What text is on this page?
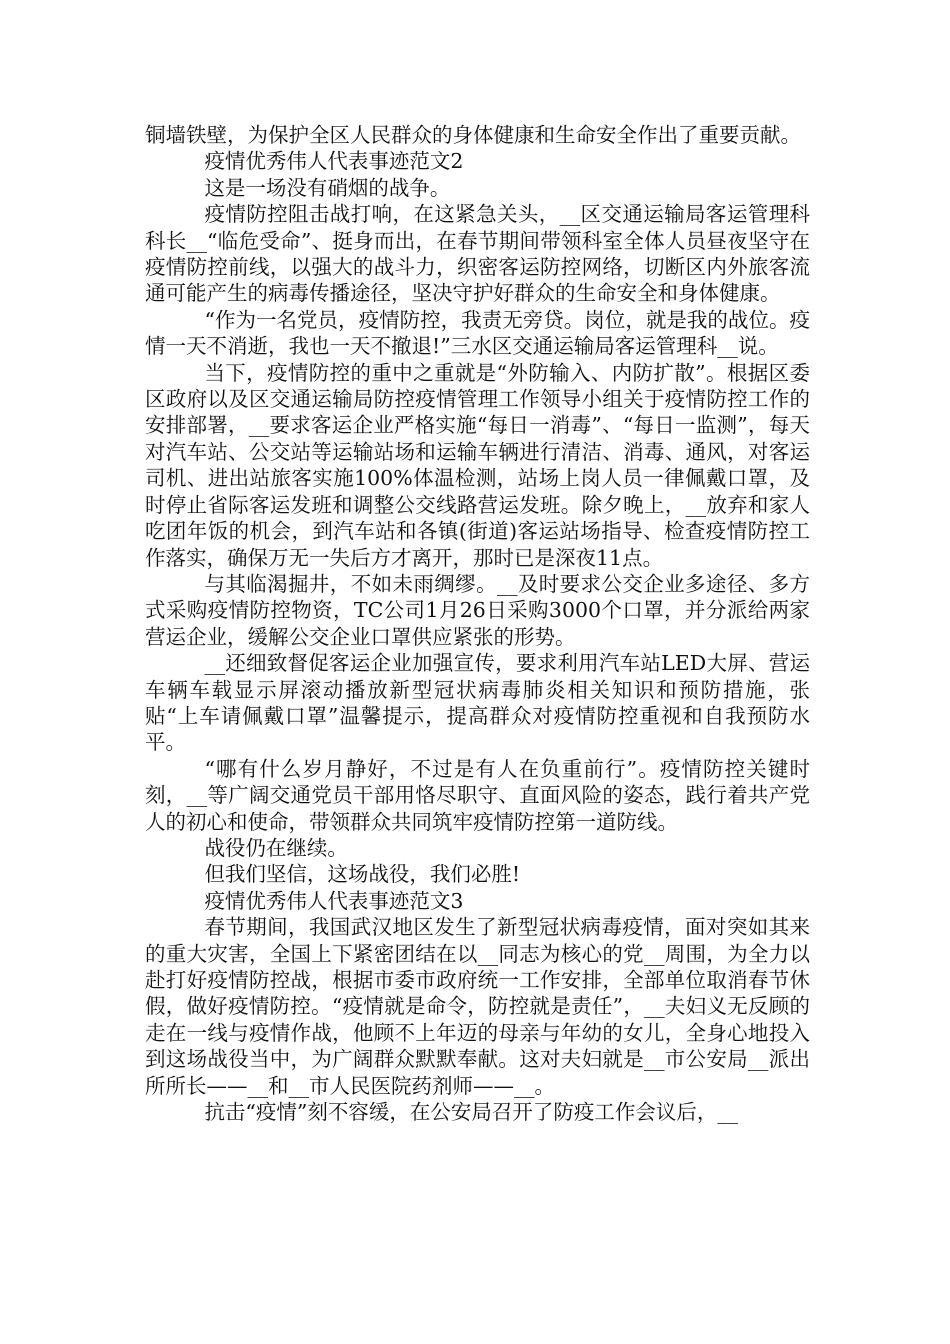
铜墙铁壁，为保护全区人民群众的身体健康和生命安全作出了重要贡献。

疫情优秀伟人代表事迹范文2

这是一场没有硝烟的战争。

疫情防控阻击战打响，在这紧急关头，__区交通运输局客运管理科科长__“临危受命”、挺身而出，在春节期间带领科室全体人员昼夜坚守在疫情防控前线，以强大的战斗力，织密客运防控网络，切断区内外旅客流通可能产生的病毒传播途径，坚决守护好群众的生命安全和身体健康。

“作为一名党员，疫情防控，我责无旁贷。岗位，就是我的战位。疫情一天不消逝，我也一天不撤退!”三水区交通运输局客运管理科__说。

当下，疫情防控的重中之重就是“外防输入、内防扩散”。根据区委区政府以及区交通运输局防控疫情管理工作领导小组关于疫情防控工作的安排部署，__要求客运企业严格实施“每日一消毒”、“每日一监测”，每天对汽车站、公交站等运输站场和运输车辆进行清洁、消毒、通风，对客运司机、进出站旅客实施100%体温检测，站场上岗人员一律佩戴口罩，及时停止省际客运发班和调整公交线路营运发班。除夕晚上，__放弃和家人吃团年饭的机会，到汽车站和各镇(街道)客运站场指导、检查疫情防控工作落实，确保万无一失后方才离开，那时已是深夜11点。

与其临渴掘井，不如未雨绸缪。__及时要求公交企业多途径、多方式采购疫情防控物资，TC公司1月26日采购3000个口罩，并分派给两家营运企业，缓解公交企业口罩供应紧张的形势。

__还细致督促客运企业加强宣传，要求利用汽车站LED大屏、营运车辆车载显示屏滚动播放新型冠状病毒肺炎相关知识和预防措施，张贴“上车请佩戴口罩”温馨提示，提高群众对疫情防控重视和自我预防水平。

“哪有什么岁月静好，不过是有人在负重前行”。疫情防控关键时刻，__等广阔交通党员干部用恪尽职守、直面风险的姿态，践行着共产党人的初心和使命，带领群众共同筑牢疫情防控第一道防线。

战役仍在继续。

但我们坚信，这场战役，我们必胜!

疫情优秀伟人代表事迹范文3

春节期间，我国武汉地区发生了新型冠状病毒疫情，面对突如其来的重大灾害，全国上下紧密团结在以__同志为核心的党__周围，为全力以赴打好疫情防控战，根据市委市政府统一工作安排，全部单位取消春节休假，做好疫情防控。“疫情就是命令，防控就是责任”，__夫妇义无反顾的走在一线与疫情作战，他顾不上年迈的母亲与年幼的女儿，全身心地投入到这场战役当中，为广阔群众默默奉献。这对夫妇就是__市公安局__派出所所长——__和__市人民医院药剂师——__。

抗击“疫情”刻不容缓，在公安局召开了防疫工作会议后，__
